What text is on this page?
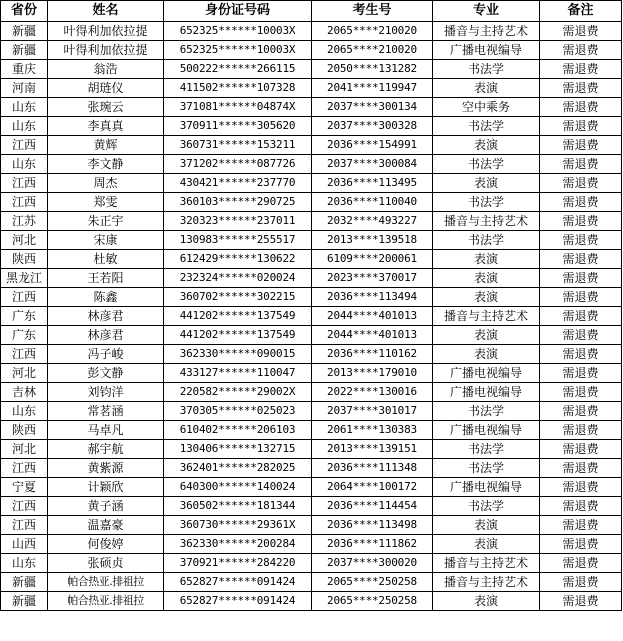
省份	姓名	身份证号码	考生号	专业	备注
新疆	叶得利加依拉提	652325******10003X	2065****210020	播音与主持艺术	需退费
新疆	叶得利加依拉提	652325******10003X	2065****210020	广播电视编导	需退费
重庆	翁浩	500222******266115	2050****131282	书法学	需退费
河南	胡琏仪	411502******107328	2041****119947	表演	需退费
山东	张琬云	371081******04874X	2037****300134	空中乘务	需退费
山东	李真真	370911******305620	2037****300328	书法学	需退费
江西	黄辉	360731******153211	2036****154991	表演	需退费
山东	李文静	371202******087726	2037****300084	书法学	需退费
江西	周杰	430421******237770	2036****113495	表演	需退费
江西	郑雯	360103******290725	2036****110040	书法学	需退费
江苏	朱正宇	320323******237011	2032****493227	播音与主持艺术	需退费
河北	宋康	130983******255517	2013****139518	书法学	需退费
陕西	杜敏	612429******130622	6109****200061	表演	需退费
黑龙江	王若阳	232324******020024	2023****370017	表演	需退费
江西	陈鑫	360702******302215	2036****113494	表演	需退费
广东	林彦君	441202******137549	2044****401013	播音与主持艺术	需退费
广东	林彦君	441202******137549	2044****401013	表演	需退费
江西	冯子峻	362330******090015	2036****110162	表演	需退费
河北	彭文静	433127******110047	2013****179010	广播电视编导	需退费
吉林	刘钧洋	220582******29002X	2022****130016	广播电视编导	需退费
山东	常茗涵	370305******025023	2037****301017	书法学	需退费
陕西	马卓凡	610402******206103	2061****130383	广播电视编导	需退费
河北	郝宇航	130406******132715	2013****139151	书法学	需退费
江西	黄紫源	362401******282025	2036****111348	书法学	需退费
宁夏	计颖欣	640300******140024	2064****100172	广播电视编导	需退费
江西	黄子涵	360502******181344	2036****114454	书法学	需退费
江西	温嘉豪	360730******29361X	2036****113498	表演	需退费
山西	何俊婷	362330******200284	2036****111862	表演	需退费
山东	张硕贞	370921******284220	2037****300020	播音与主持艺术	需退费
新疆	帕合热亚.排祖拉	652827******091424	2065****250258	播音与主持艺术	需退费
新疆	帕合热亚.排祖拉	652827******091424	2065****250258	表演	需退费
